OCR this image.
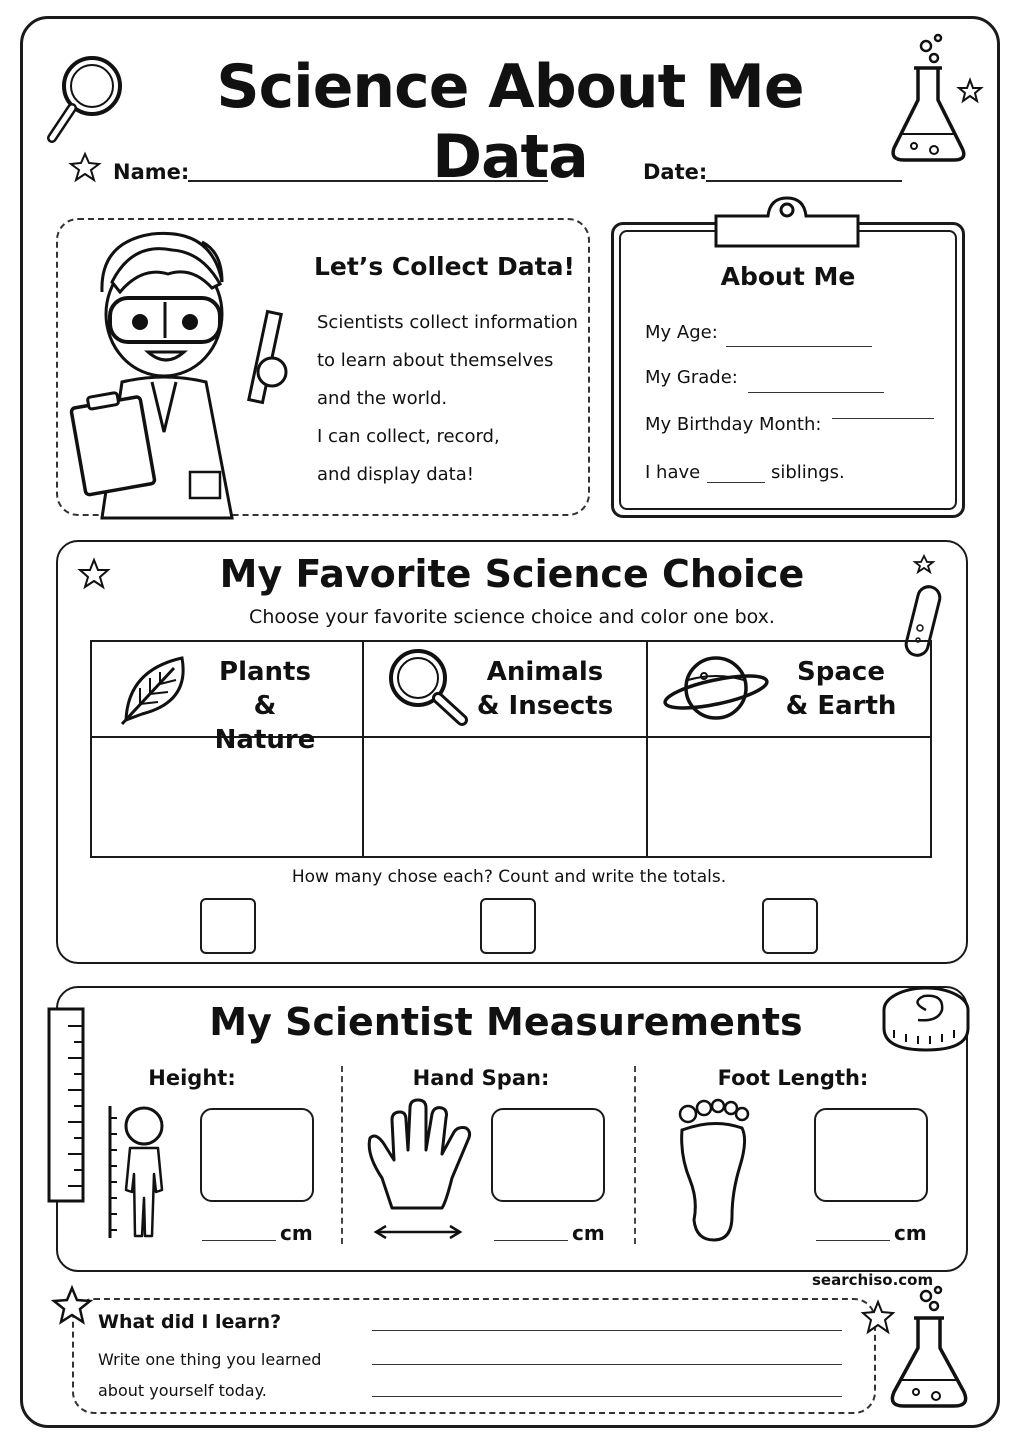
Science About Me Data
Name:	Date:
Let’s Collect Data!
Scientists collect information
to learn about themselves
and the world.
I can collect, record,
and display data!
About Me
My Age:
My Grade:
My Birthday Month:
I have	siblings.
My Favorite Science Choice
Choose your favorite science choice and color one box.
Plants
& Nature
Animals
& Insects
Space
& Earth
How many chose each? Count and write the totals.
My Scientist Measurements
Height:
cm
Hand Span:
cm
Foot Length:
cm
searchiso.com
What did I learn?
Write one thing you learned
about yourself today.
